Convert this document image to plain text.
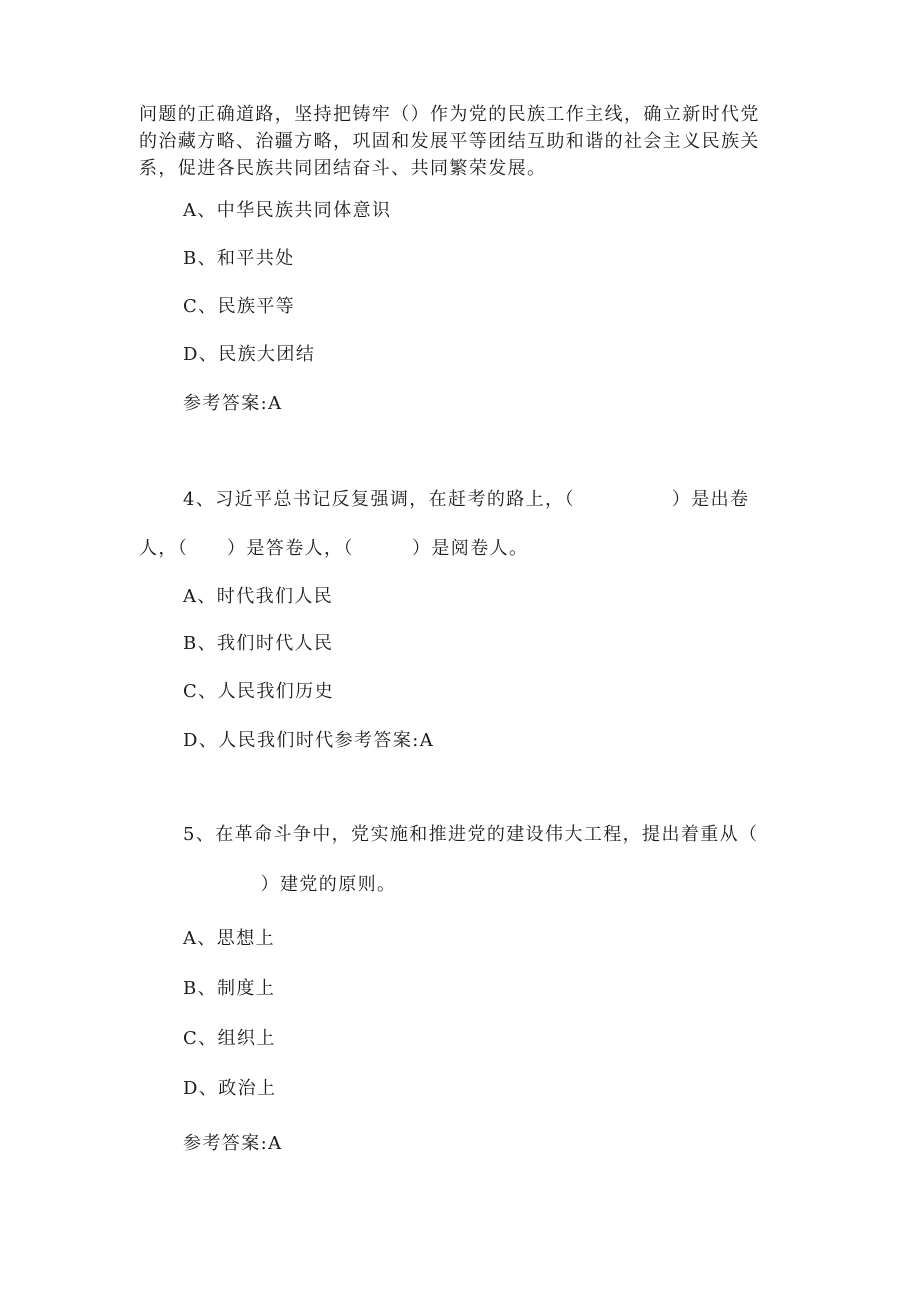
问题的正确道路，坚持把铸牢（）作为党的民族工作主线，确立新时代党
的治藏方略、治疆方略，巩固和发展平等团结互助和谐的社会主义民族关
系，促进各民族共同团结奋斗、共同繁荣发展。
A、中华民族共同体意识
B、和平共处
C、民族平等
D、民族大团结
参考答案:A
4、习近平总书记反复强调，在赶考的路上，（　　　　　）是出卷
人，（　　）是答卷人，（　　　）是阅卷人。
A、时代我们人民
B、我们时代人民
C、人民我们历史
D、人民我们时代参考答案:A
5、在革命斗争中，党实施和推进党的建设伟大工程，提出着重从（
　　　　）建党的原则。
A、思想上
B、制度上
C、组织上
D、政治上
参考答案:A
